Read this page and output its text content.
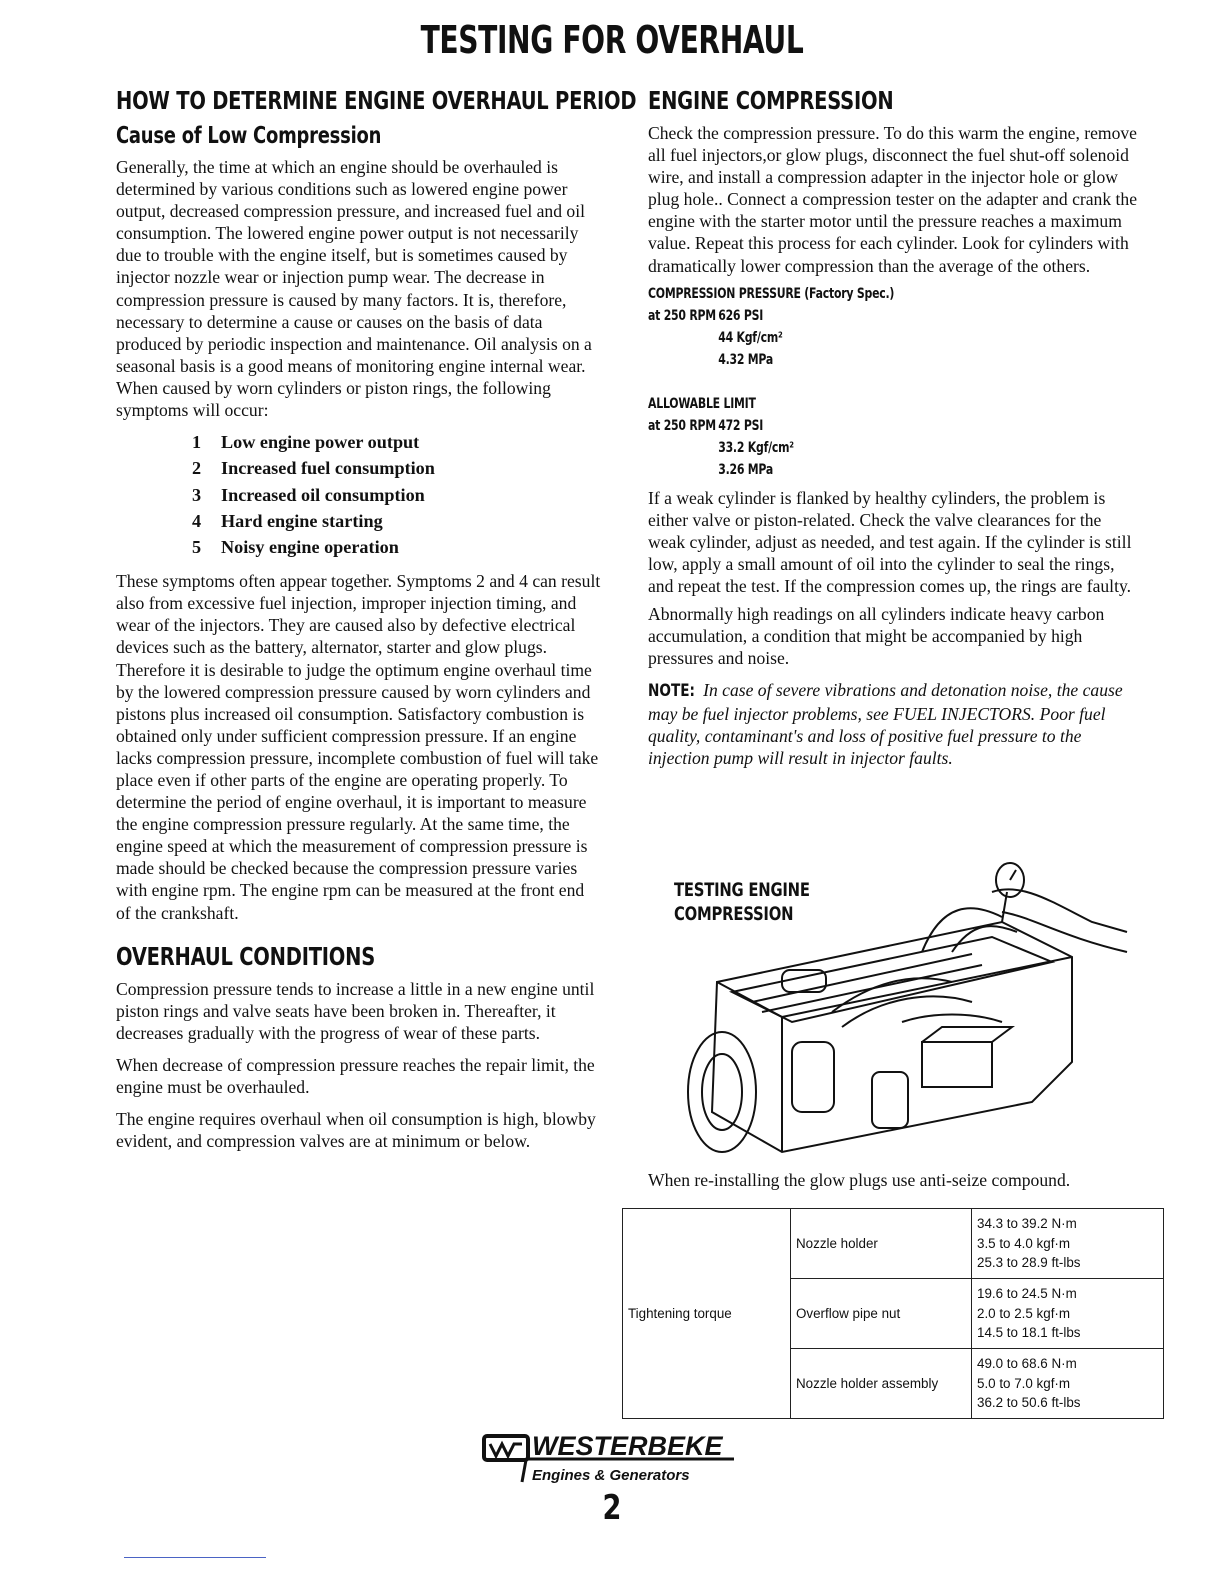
TESTING FOR OVERHAUL
HOW TO DETERMINE ENGINE OVERHAUL PERIOD
Cause of Low Compression

Generally, the time at which an engine should be overhauled is determined by various conditions such as lowered engine power output, decreased compression pressure, and increased fuel and oil consumption. The lowered engine power output is not necessarily due to trouble with the engine itself, but is sometimes caused by injector nozzle wear or injection pump wear. The decrease in compression pressure is caused by many factors. It is, therefore, necessary to determine a cause or causes on the basis of data produced by periodic inspection and maintenance. Oil analysis on a seasonal basis is a good means of monitoring engine internal wear. When caused by worn cylinders or piston rings, the following symptoms will occur:

1 Low engine power output
2 Increased fuel consumption
3 Increased oil consumption
4 Hard engine starting
5 Noisy engine operation

These symptoms often appear together. Symptoms 2 and 4 can result also from excessive fuel injection, improper injection timing, and wear of the injectors. They are caused also by defective electrical devices such as the battery, alternator, starter and glow plugs. Therefore it is desirable to judge the optimum engine overhaul time by the lowered compression pressure caused by worn cylinders and pistons plus increased oil consumption. Satisfactory combustion is obtained only under sufficient compression pressure. If an engine lacks compression pressure, incomplete combustion of fuel will take place even if other parts of the engine are operating properly. To determine the period of engine overhaul, it is important to measure the engine compression pressure regularly. At the same time, the engine speed at which the measurement of compression pressure is made should be checked because the compression pressure varies with engine rpm. The engine rpm can be measured at the front end of the crankshaft.

OVERHAUL CONDITIONS

Compression pressure tends to increase a little in a new engine until piston rings and valve seats have been broken in. Thereafter, it decreases gradually with the progress of wear of these parts.

When decrease of compression pressure reaches the repair limit, the engine must be overhauled.

The engine requires overhaul when oil consumption is high, blowby evident, and compression valves are at minimum or below.

ENGINE COMPRESSION

Check the compression pressure. To do this warm the engine, remove all fuel injectors,or glow plugs, disconnect the fuel shut-off solenoid wire, and install a compression adapter in the injector hole or glow plug hole.. Connect a compression tester on the adapter and crank the engine with the starter motor until the pressure reaches a maximum value. Repeat this process for each cylinder. Look for cylinders with dramatically lower compression than the average of the others.

COMPRESSION PRESSURE (Factory Spec.)
at 250 RPM 626 PSI
44 Kgf/cm²
4.32 MPa
ALLOWABLE LIMIT
at 250 RPM 472 PSI
33.2 Kgf/cm²
3.26 MPa

If a weak cylinder is flanked by healthy cylinders, the problem is either valve or piston-related. Check the valve clearances for the weak cylinder, adjust as needed, and test again. If the cylinder is still low, apply a small amount of oil into the cylinder to seal the rings, and repeat the test. If the compression comes up, the rings are faulty.

Abnormally high readings on all cylinders indicate heavy carbon accumulation, a condition that might be accompanied by high pressures and noise.

NOTE: In case of severe vibrations and detonation noise, the cause may be fuel injector problems, see FUEL INJECTORS. Poor fuel quality, contaminant's and loss of positive fuel pressure to the injection pump will result in injector faults.

TESTING ENGINE
COMPRESSION
When re-installing the glow plugs use anti-seize compound.
Tightening torque	Nozzle holder	34.3 to 39.2 N·m
3.5 to 4.0 kgf·m
25.3 to 28.9 ft-lbs

	Overflow pipe nut	19.6 to 24.5 N·m
2.0 to 2.5 kgf·m
14.5 to 18.1 ft-lbs

	Nozzle holder assembly	49.0 to 68.6 N·m
5.0 to 7.0 kgf·m
36.2 to 50.6 ft-lbs
WESTERBEKE
Engines & Generators
2
